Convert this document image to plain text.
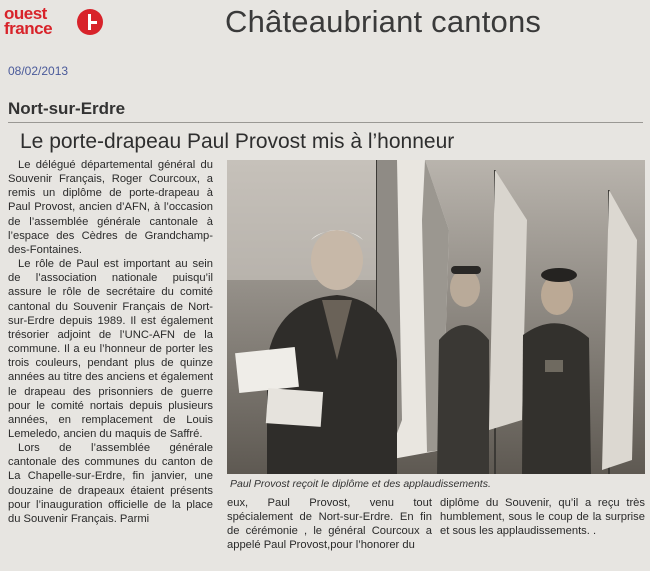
ouest
france	Châteaubriant cantons
08/02/2013
Nort-sur-Erdre
Le porte-drapeau Paul Provost mis à l’honneur

Le délégué départemental général du Souvenir Français, Roger Courcoux, a remis un diplôme de porte-drapeau à Paul Provost, ancien d’AFN, à l’occasion de l’assemblée générale cantonale à l’espace des Cèdres de Grandchamp-des-Fontaines.

Le rôle de Paul est important au sein de l’association nationale puisqu’il assure le rôle de secrétaire du comité cantonal du Souvenir Français de Nort-sur-Erdre depuis 1989. Il est également trésorier adjoint de l’UNC-AFN de la commune. Il a eu l’honneur de porter les trois couleurs, pendant plus de quinze années au titre des anciens et également le drapeau des prisonniers de guerre pour le comité nortais depuis plusieurs années, en remplacement de Louis Lemeledo, ancien du maquis de Saffré.

Lors de l’assemblée générale cantonale des communes du canton de La Chapelle-sur-Erdre, fin janvier, une douzaine de drapeaux étaient présents pour l’inauguration officielle de la place du Souvenir Français. Parmi

Paul Provost reçoit le diplôme et des applaudissements.

eux, Paul Provost, venu tout spécialement de Nort-sur-Erdre. En fin de cérémonie , le général Courcoux a appelé Paul Provost,pour l’honorer du

diplôme du Souvenir, qu’il a reçu très humblement, sous le coup de la surprise et sous les applaudissements. .
